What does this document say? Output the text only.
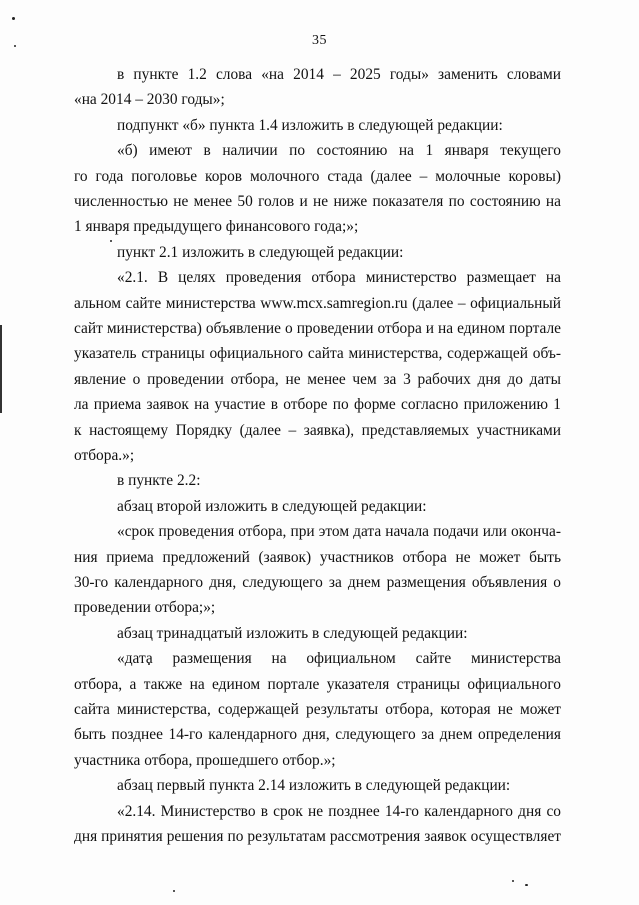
35
в пункте 1.2 слова «на 2014 – 2025 годы» заменить словами
«на 2014 – 2030 годы»;
подпункт «б» пункта 1.4 изложить в следующей редакции:
«б) имеют в наличии по состоянию на 1 января текущего
го года поголовье коров молочного стада (далее – молочные коровы)
численностью не менее 50 голов и не ниже показателя по состоянию на
1 января предыдущего финансового года;»;
пункт 2.1 изложить в следующей редакции:
«2.1. В целях проведения отбора министерство размещает на
альном сайте министерства www.mcx.samregion.ru (далее – официальный
сайт министерства) объявление о проведении отбора и на едином портале
указатель страницы официального сайта министерства, содержащей объ-
явление о проведении отбора, не менее чем за 3 рабочих дня до даты
ла приема заявок на участие в отборе по форме согласно приложению 1
к настоящему Порядку (далее – заявка), представляемых участниками
отбора.»;
в пункте 2.2:
абзац второй изложить в следующей редакции:
«срок проведения отбора, при этом дата начала подачи или оконча-
ния приема предложений (заявок) участников отбора не может быть
30-го календарного дня, следующего за днем размещения объявления о
проведении отбора;»;
абзац тринадцатый изложить в следующей редакции:
«дата размещения на официальном сайте министерства
отбора, а также на едином портале указателя страницы официального
сайта министерства, содержащей результаты отбора, которая не может
быть позднее 14-го календарного дня, следующего за днем определения
участника отбора, прошедшего отбор.»;
абзац первый пункта 2.14 изложить в следующей редакции:
«2.14. Министерство в срок не позднее 14-го календарного дня со
дня принятия решения по результатам рассмотрения заявок осуществляет
